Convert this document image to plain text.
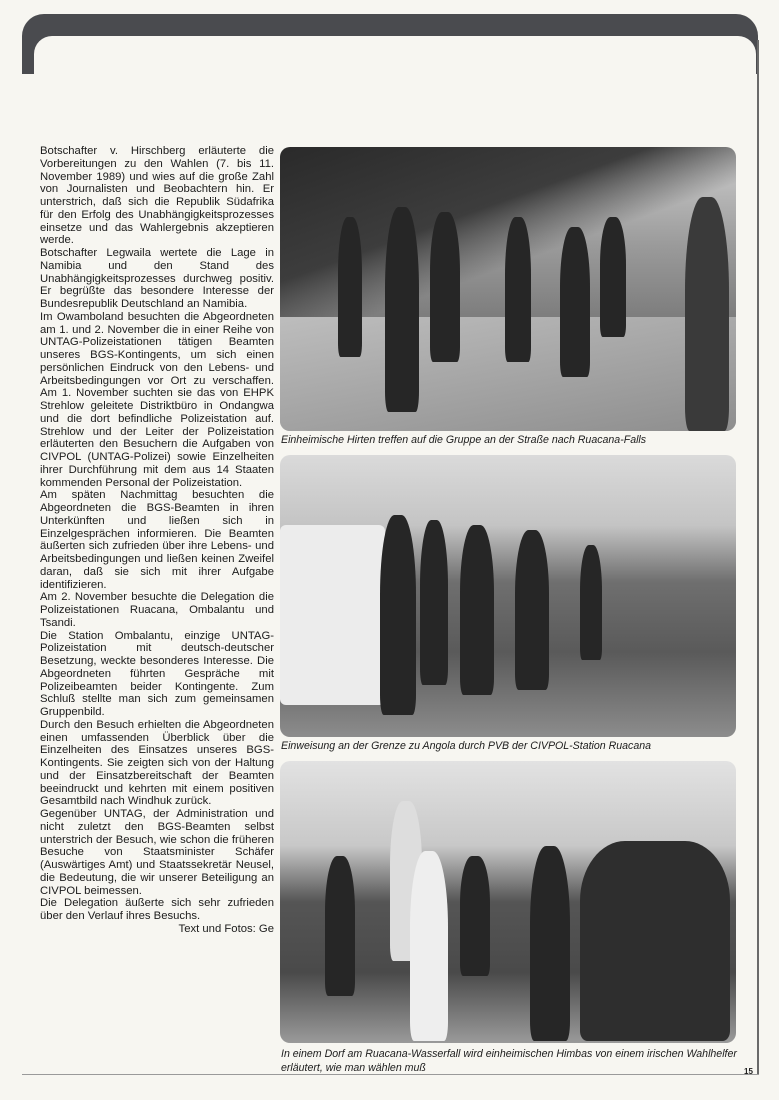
Botschafter v. Hirschberg erläuterte die Vorbereitungen zu den Wahlen (7. bis 11. November 1989) und wies auf die große Zahl von Journalisten und Beobachtern hin. Er unterstrich, daß sich die Republik Südafrika für den Erfolg des Unabhängigkeitsprozesses einsetze und das Wahlergebnis akzeptieren werde.

Botschafter Legwaila wertete die Lage in Namibia und den Stand des Unabhängigkeitsprozesses durchweg positiv. Er begrüßte das besondere Interesse der Bundesrepublik Deutschland an Namibia.

Im Owamboland besuchten die Abgeordneten am 1. und 2. November die in einer Reihe von UNTAG-Polizeistationen tätigen Beamten unseres BGS-Kontingents, um sich einen persönlichen Eindruck von den Lebens- und Arbeitsbedingungen vor Ort zu verschaffen. Am 1. November suchten sie das von EHPK Strehlow geleitete Distriktbüro in Ondangwa und die dort befindliche Polizeistation auf. Strehlow und der Leiter der Polizeistation erläuterten den Besuchern die Aufgaben von CIVPOL (UNTAG-Polizei) sowie Einzelheiten ihrer Durchführung mit dem aus 14 Staaten kommenden Personal der Polizeistation.

Am späten Nachmittag besuchten die Abgeordneten die BGS-Beamten in ihren Unterkünften und ließen sich in Einzelgesprächen informieren. Die Beamten äußerten sich zufrieden über ihre Lebens- und Arbeitsbedingungen und ließen keinen Zweifel daran, daß sie sich mit ihrer Aufgabe identifizieren.

Am 2. November besuchte die Delegation die Polizeistationen Ruacana, Ombalantu und Tsandi.

Die Station Ombalantu, einzige UNTAG-Polizeistation mit deutsch-deutscher Besetzung, weckte besonderes Interesse. Die Abgeordneten führten Gespräche mit Polizeibeamten beider Kontingente. Zum Schluß stellte man sich zum gemeinsamen Gruppenbild.

Durch den Besuch erhielten die Abgeordneten einen umfassenden Überblick über die Einzelheiten des Einsatzes unseres BGS-Kontingents. Sie zeigten sich von der Haltung und der Einsatzbereitschaft der Beamten beeindruckt und kehrten mit einem positiven Gesamtbild nach Windhuk zurück.

Gegenüber UNTAG, der Administration und nicht zuletzt den BGS-Beamten selbst unterstrich der Besuch, wie schon die früheren Besuche von Staatsminister Schäfer (Auswärtiges Amt) und Staatssekretär Neusel, die Bedeutung, die wir unserer Beteiligung an CIVPOL beimessen.

Die Delegation äußerte sich sehr zufrieden über den Verlauf ihres Besuchs.

Text und Fotos: Ge

Einheimische Hirten treffen auf die Gruppe an der Straße nach Ruacana-Falls
Einweisung an der Grenze zu Angola durch PVB der CIVPOL-Station Ruacana
In einem Dorf am Ruacana-Wasserfall wird einheimischen Himbas von einem irischen Wahlhelfer erläutert, wie man wählen muß	15
